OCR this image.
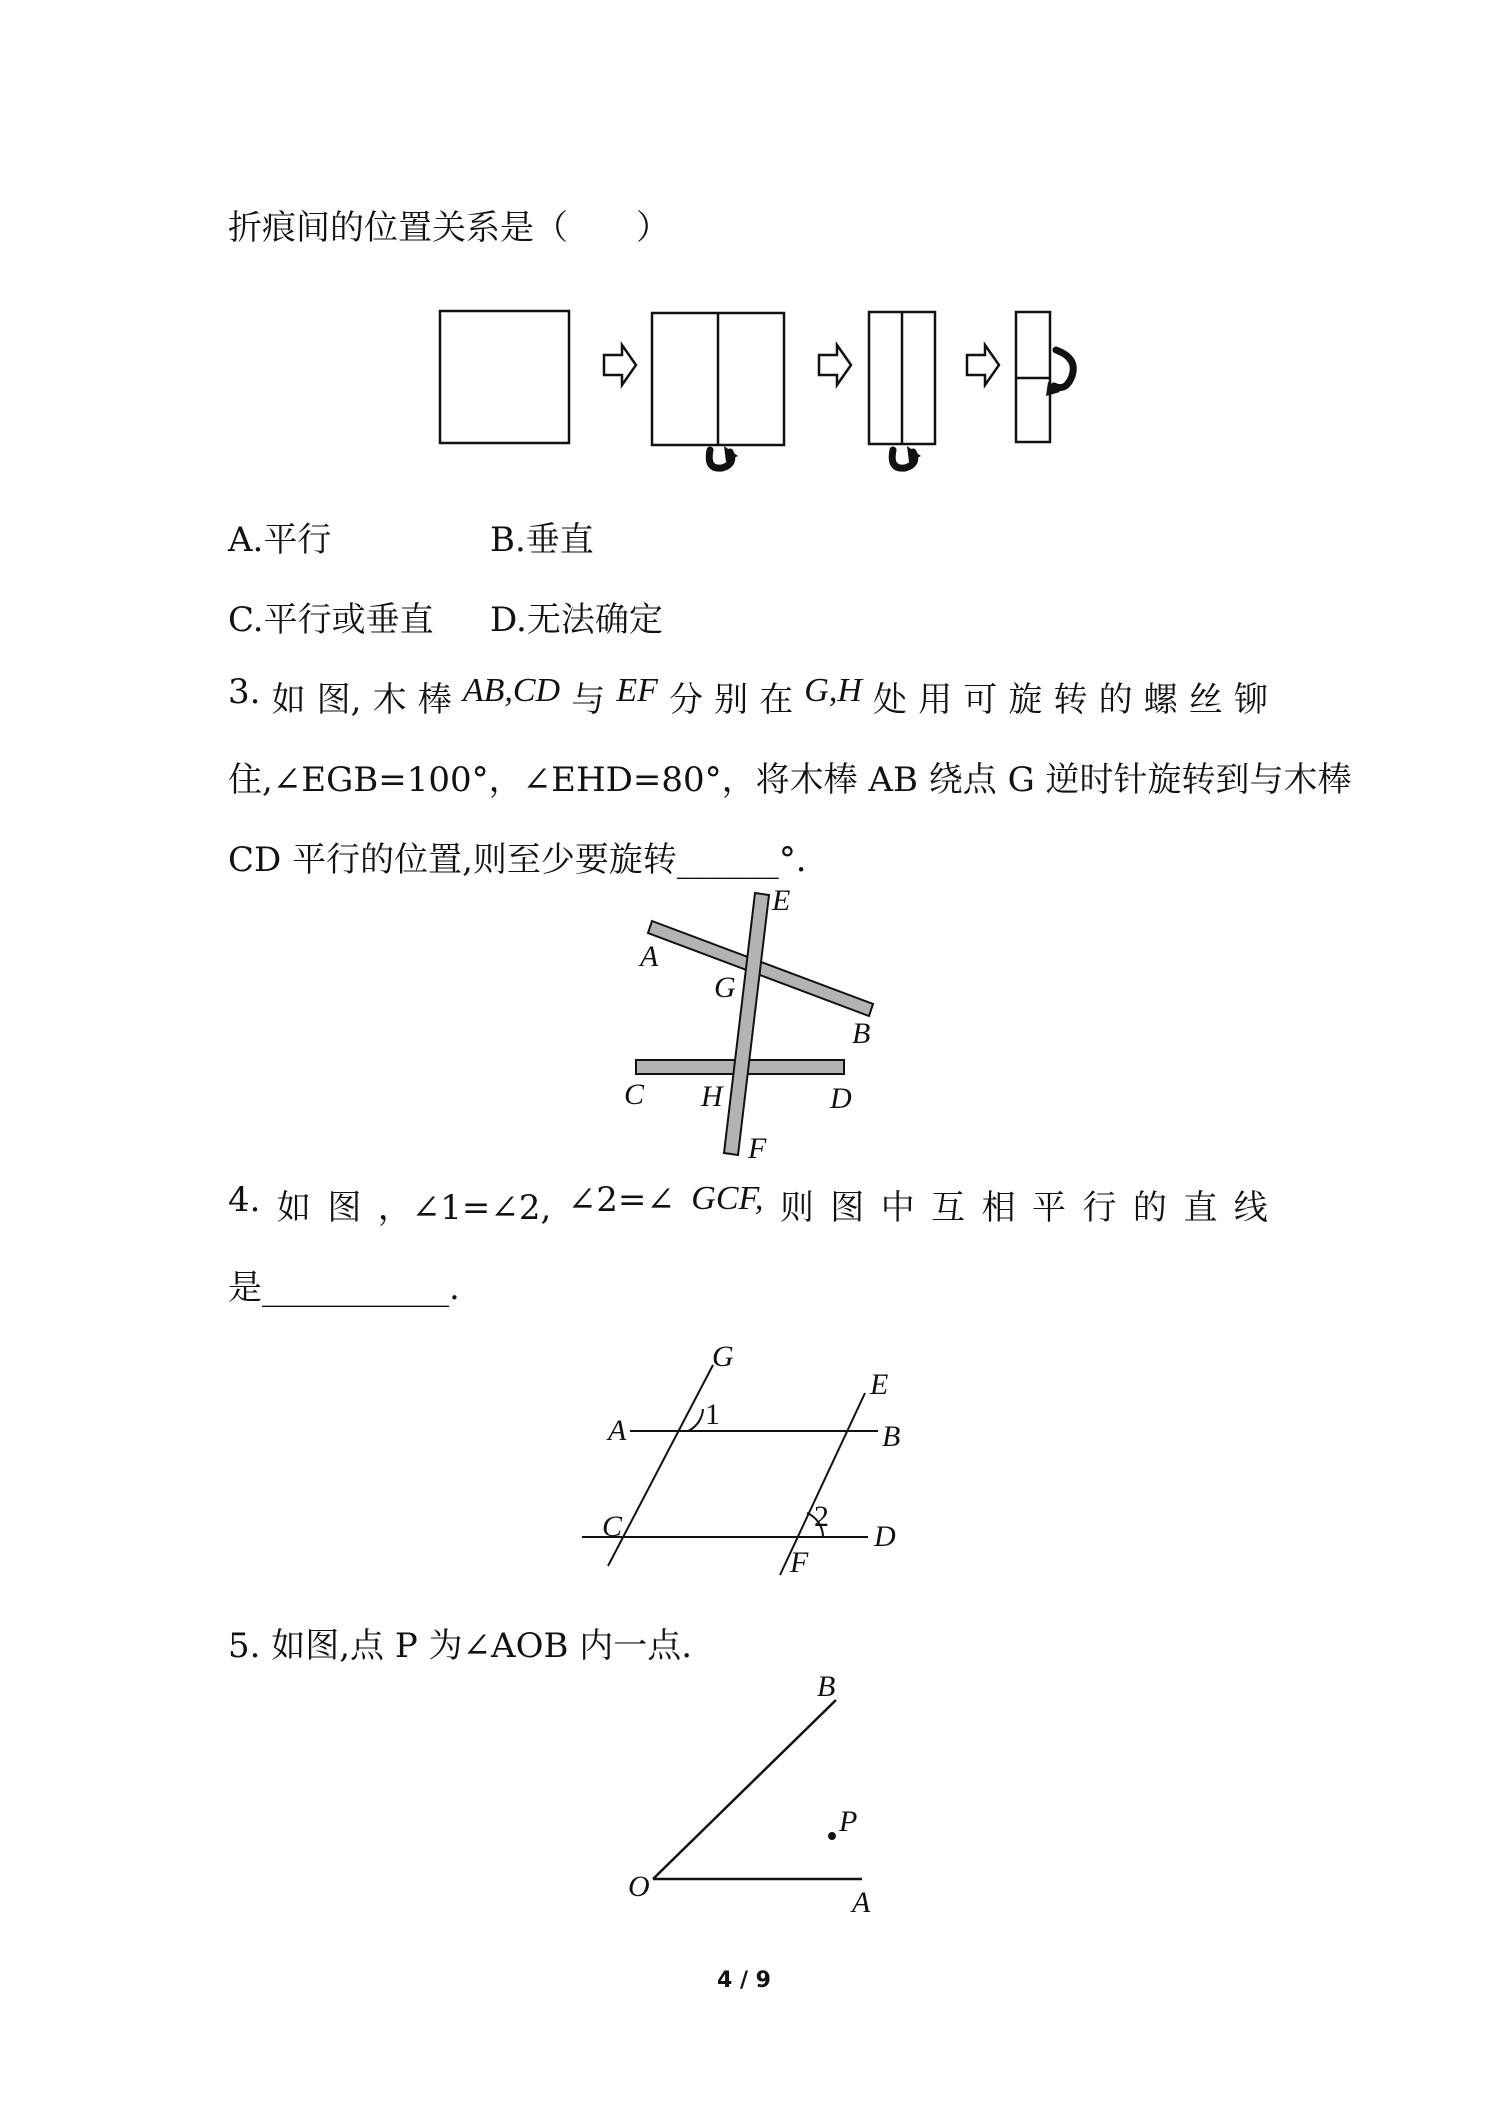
折痕间的位置关系是（　　）
A.平行	B.垂直
C.平行或垂直 D.无法确定
3. 如 图, 木 棒 AB,CD 与 EF 分 别 在 G,H 处 用 可 旋 转 的 螺 丝 铆
住,∠EGB=100°，∠EHD=80°，将木棒 AB 绕点 G 逆时针旋转到与木棒
CD 平行的位置,则至少要旋转______°．
E
A
G
B
C H	D
F
4. 如 图 ，∠1=∠2, ∠2=∠ GCF, 则 图 中 互 相 平 行 的 直 线
是___________.
G
E
A	1
B
C	2
D
F
5. 如图,点 P 为∠AOB 内一点.
B
P
O	A
4 / 9
